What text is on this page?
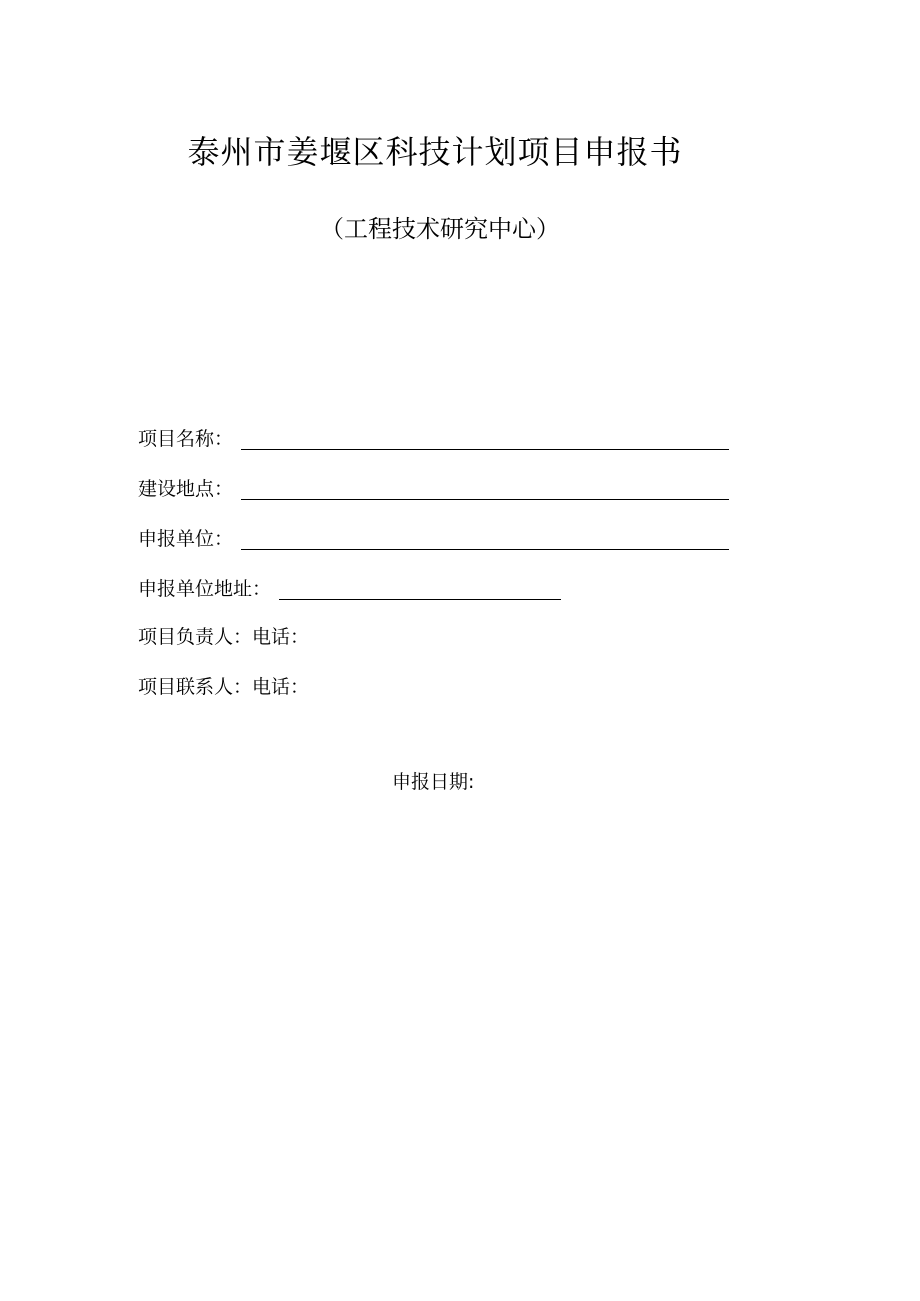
泰州市姜堰区科技计划项目申报书
（工程技术研究中心）
项目名称：
建设地点：
申报单位：
申报单位地址：
项目负责人：电话：
项目联系人：电话：
申报日期:
